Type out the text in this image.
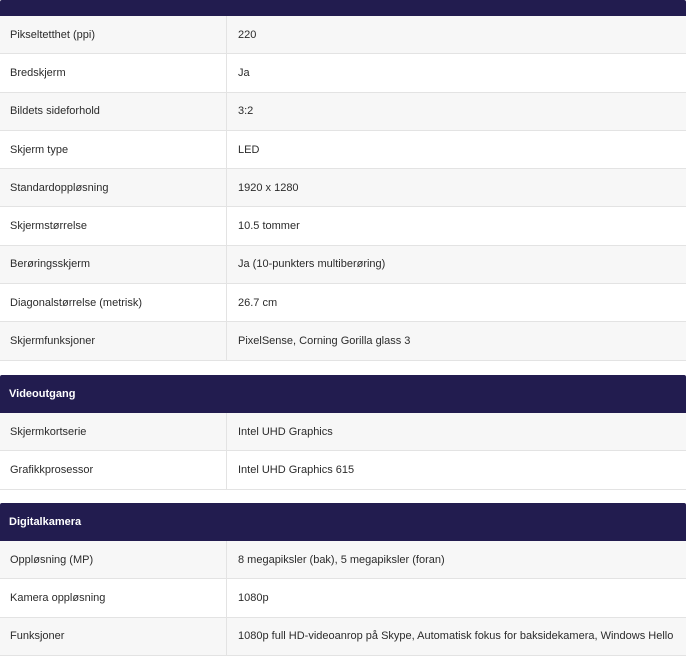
Pikseltetthet (ppi)	220
Bredskjerm	Ja
Bildets sideforhold	3:2
Skjerm type	LED
Standardoppløsning	1920 x 1280
Skjermstørrelse	10.5 tommer
Berøringsskjerm	Ja (10-punkters multiberøring)
Diagonalstørrelse (metrisk)	26.7 cm
Skjermfunksjoner	PixelSense, Corning Gorilla glass 3
Videoutgang
Skjermkortserie	Intel UHD Graphics
Grafikkprosessor	Intel UHD Graphics 615
Digitalkamera
Oppløsning (MP)	8 megapiksler (bak), 5 megapiksler (foran)
Kamera oppløsning	1080p
Funksjoner	1080p full HD-videoanrop på Skype, Automatisk fokus for baksidekamera, Windows Hello
